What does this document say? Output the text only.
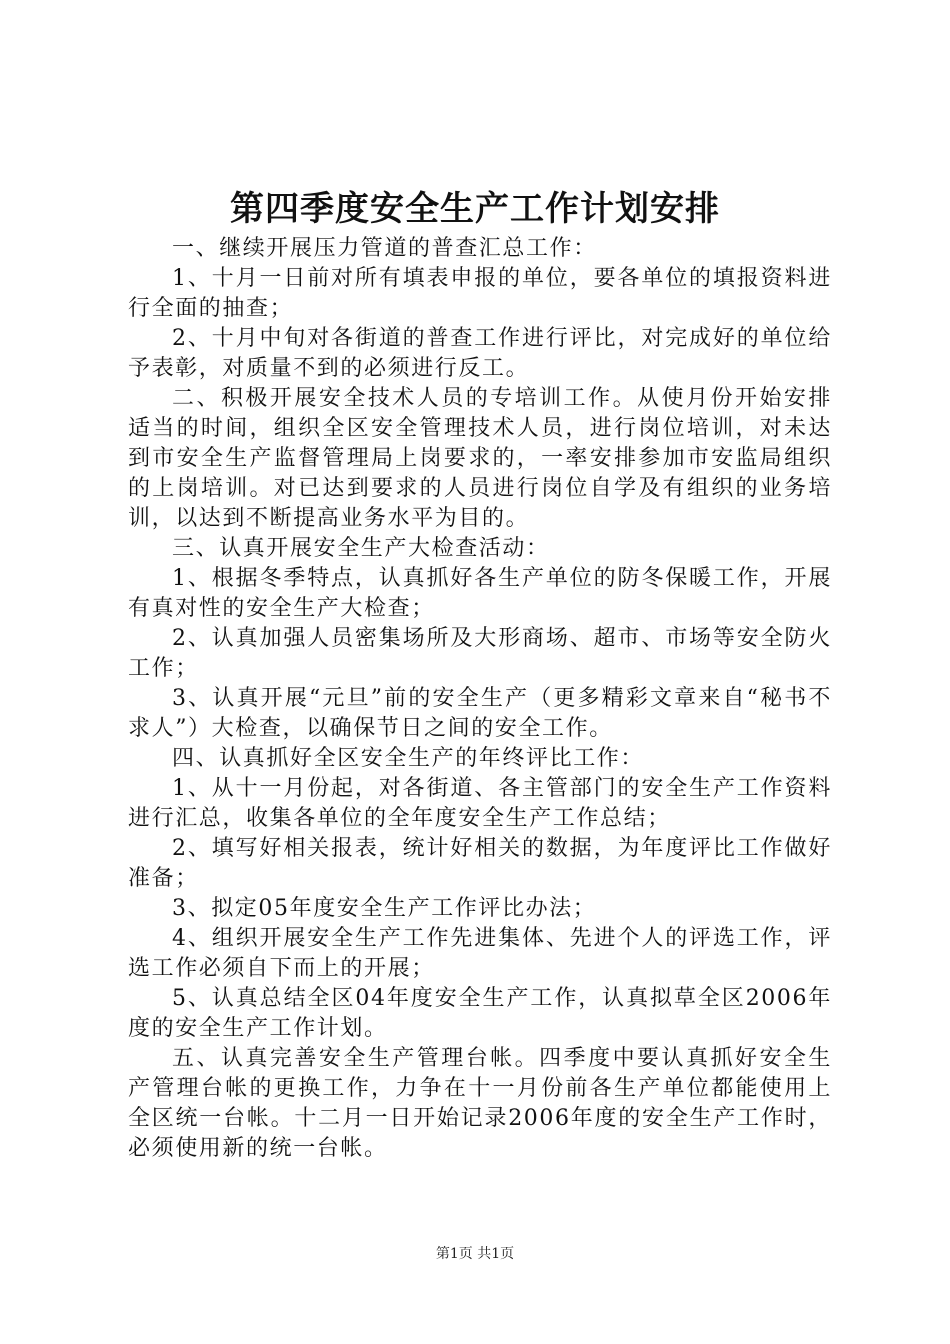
第四季度安全生产工作计划安排

一、继续开展压力管道的普查汇总工作：

1、十月一日前对所有填表申报的单位，要各单位的填报资料进行全面的抽查；

2、十月中旬对各街道的普查工作进行评比，对完成好的单位给予表彰，对质量不到的必须进行反工。

二、积极开展安全技术人员的专培训工作。从使月份开始安排适当的时间，组织全区安全管理技术人员，进行岗位培训，对未达到市安全生产监督管理局上岗要求的，一率安排参加市安监局组织的上岗培训。对已达到要求的人员进行岗位自学及有组织的业务培训，以达到不断提高业务水平为目的。

三、认真开展安全生产大检查活动：

1、根据冬季特点，认真抓好各生产单位的防冬保暖工作，开展有真对性的安全生产大检查；

2、认真加强人员密集场所及大形商场、超市、市场等安全防火工作；

3、认真开展“元旦”前的安全生产（更多精彩文章来自“秘书不求人”）大检查，以确保节日之间的安全工作。

四、认真抓好全区安全生产的年终评比工作：

1、从十一月份起，对各街道、各主管部门的安全生产工作资料进行汇总，收集各单位的全年度安全生产工作总结；

2、填写好相关报表，统计好相关的数据，为年度评比工作做好准备；

3、拟定05年度安全生产工作评比办法；

4、组织开展安全生产工作先进集体、先进个人的评选工作，评选工作必须自下而上的开展；

5、认真总结全区04年度安全生产工作，认真拟草全区2006年度的安全生产工作计划。

五、认真完善安全生产管理台帐。四季度中要认真抓好安全生产管理台帐的更换工作，力争在十一月份前各生产单位都能使用上全区统一台帐。十二月一日开始记录2006年度的安全生产工作时，必须使用新的统一台帐。

第1页 共1页
